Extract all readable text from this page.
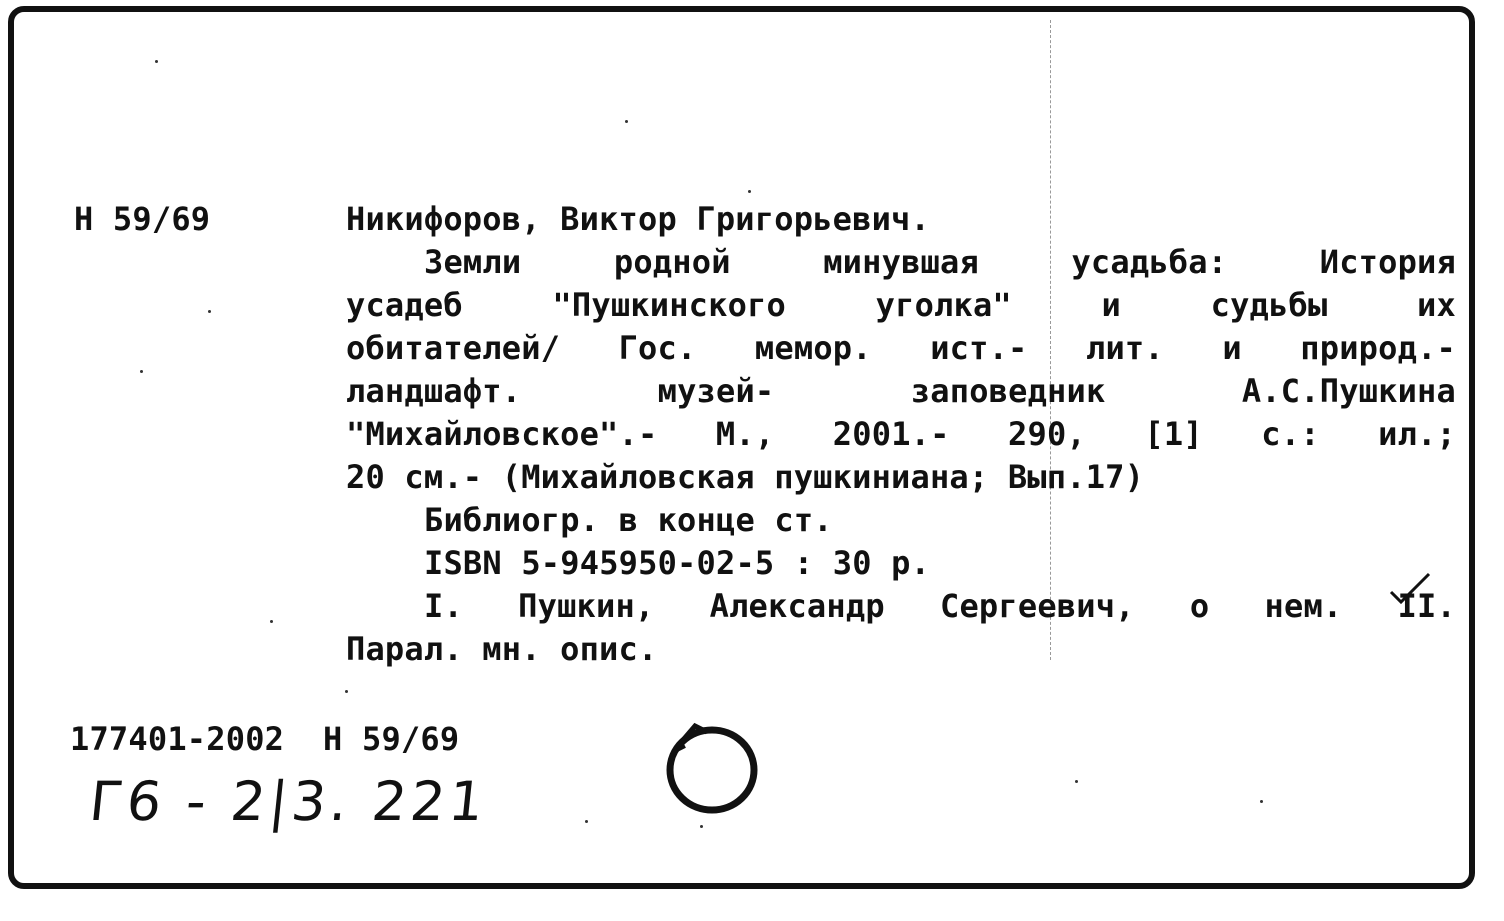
Н 59/69	Никифоров, Виктор Григорьевич.
Земли родной минувшая усадьба: История
усадеб "Пушкинского уголка" и судьбы их
обитателей/ Гос. мемор. ист.- лит. и природ.-
ландшафт. музей- заповедник А.С.Пушкина
"Михайловское".- М., 2001.- 290, [1] с.: ил.;
20 см.- (Михайловская пушкиниана; Вып.17)
Библиогр. в конце ст.
ISBN 5-945950-02-5 : 30 р.
I. Пушкин, Александр Сергеевич, о нем. II.
Парал. мн. опис.
177401-2002  Н 59/69
Г6 - 2|3. 221
